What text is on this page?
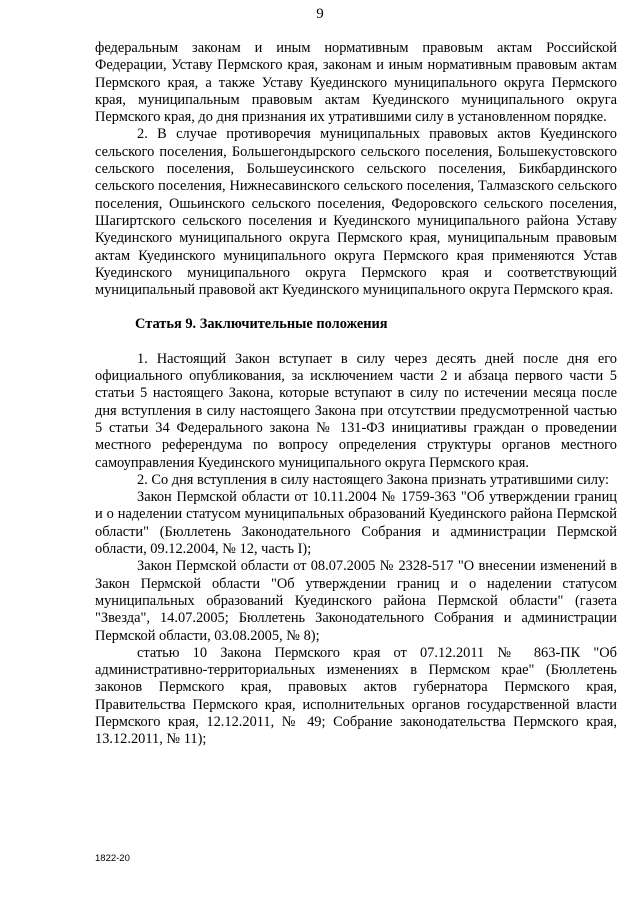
9

федеральным законам и иным нормативным правовым актам Российской Федерации, Уставу Пермского края, законам и иным нормативным правовым актам Пермского края, а также Уставу Куединского муниципального округа Пермского края, муниципальным правовым актам Куединского муниципального округа Пермского края, до дня признания их утратившими силу в установленном порядке.

2. В случае противоречия муниципальных правовых актов Куединского сельского поселения, Большегондырского сельского поселения, Большекустовского сельского поселения, Большеусинского сельского поселения, Бикбардинского сельского поселения, Нижнесавинского сельского поселения, Талмазского сельского поселения, Ошьинского сельского поселения, Федоровского сельского поселения, Шагиртского сельского поселения и Куединского муниципального района Уставу Куединского муниципального округа Пермского края, муниципальным правовым актам Куединского муниципального округа Пермского края применяются Устав Куединского муниципального округа Пермского края и соответствующий муниципальный правовой акт Куединского муниципального округа Пермского края.

Статья 9. Заключительные положения

1. Настоящий Закон вступает в силу через десять дней после дня его официального опубликования, за исключением части 2 и абзаца первого части 5 статьи 5 настоящего Закона, которые вступают в силу по истечении месяца после дня вступления в силу настоящего Закона при отсутствии предусмотренной частью 5 статьи 34 Федерального закона № 131-ФЗ инициативы граждан о проведении местного референдума по вопросу определения структуры органов местного самоуправления Куединского муниципального округа Пермского края.

2. Со дня вступления в силу настоящего Закона признать утратившими силу:

Закон Пермской области от 10.11.2004 № 1759-363 "Об утверждении границ и о наделении статусом муниципальных образований Куединского района Пермской области" (Бюллетень Законодательного Собрания и администрации Пермской области, 09.12.2004, № 12, часть I);

Закон Пермской области от 08.07.2005 № 2328-517 "О внесении изменений в Закон Пермской области "Об утверждении границ и о наделении статусом муниципальных образований Куединского района Пермской области" (газета "Звезда", 14.07.2005; Бюллетень Законодательного Собрания и администрации Пермской области, 03.08.2005, № 8);

статью 10 Закона Пермского края от 07.12.2011 № 863-ПК "Об административно-территориальных изменениях в Пермском крае" (Бюллетень законов Пермского края, правовых актов губернатора Пермского края, Правительства Пермского края, исполнительных органов государственной власти Пермского края, 12.12.2011, № 49; Собрание законодательства Пермского края, 13.12.2011, № 11);

1822-20
